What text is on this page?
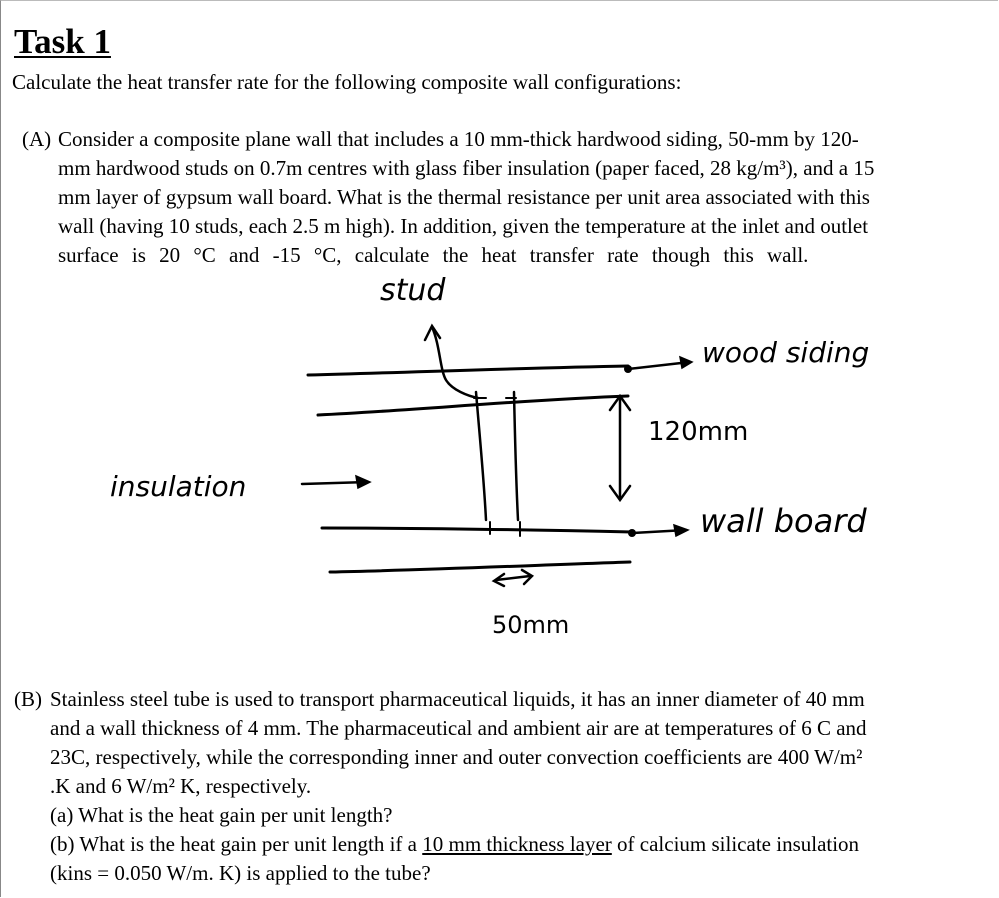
Task 1
Calculate the heat transfer rate for the following composite wall configurations:
(A) Consider a composite plane wall that includes a 10 mm-thick hardwood siding, 50-mm by 120-
mm hardwood studs on 0.7m centres with glass fiber insulation (paper faced, 28 kg/m³), and a 15
mm layer of gypsum wall board. What is the thermal resistance per unit area associated with this
wall (having 10 studs, each 2.5 m high). In addition, given the temperature at the inlet and outlet
surface is 20 °C and -15 °C, calculate the heat transfer rate though this wall.
stud
wood siding
120mm
insulation
wall board
50mm
(B) Stainless steel tube is used to transport pharmaceutical liquids, it has an inner diameter of 40 mm
and a wall thickness of 4 mm. The pharmaceutical and ambient air are at temperatures of 6 C and
23C, respectively, while the corresponding inner and outer convection coefficients are 400 W/m²
.K and 6 W/m² K, respectively.
(a) What is the heat gain per unit length?
(b) What is the heat gain per unit length if a 10 mm thickness layer of calcium silicate insulation
(kins = 0.050 W/m. K) is applied to the tube?
